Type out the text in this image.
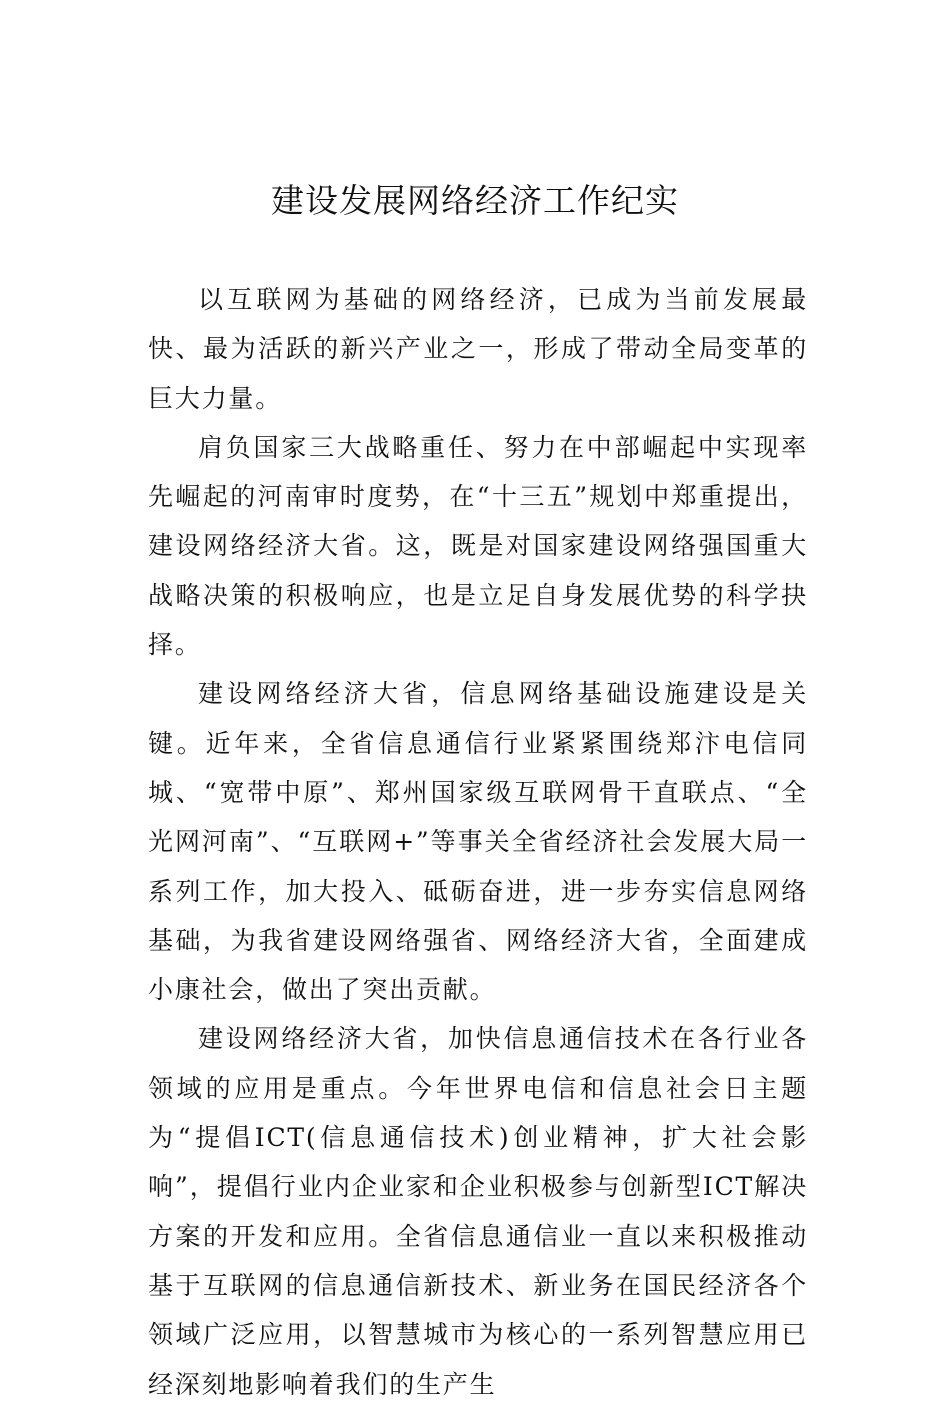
建设发展网络经济工作纪实

以互联网为基础的网络经济，已成为当前发展最快、最为活跃的新兴产业之一，形成了带动全局变革的巨大力量。

肩负国家三大战略重任、努力在中部崛起中实现率先崛起的河南审时度势，在“十三五”规划中郑重提出，建设网络经济大省。这，既是对国家建设网络强国重大战略决策的积极响应，也是立足自身发展优势的科学抉择。

建设网络经济大省，信息网络基础设施建设是关键。近年来，全省信息通信行业紧紧围绕郑汴电信同城、“宽带中原”、郑州国家级互联网骨干直联点、“全光网河南”、“互联网+”等事关全省经济社会发展大局一系列工作，加大投入、砥砺奋进，进一步夯实信息网络基础，为我省建设网络强省、网络经济大省，全面建成小康社会，做出了突出贡献。

建设网络经济大省，加快信息通信技术在各行业各领域的应用是重点。今年世界电信和信息社会日主题为“提倡ICT(信息通信技术)创业精神，扩大社会影响”，提倡行业内企业家和企业积极参与创新型ICT解决方案的开发和应用。全省信息通信业一直以来积极推动基于互联网的信息通信新技术、新业务在国民经济各个领域广泛应用，以智慧城市为核心的一系列智慧应用已经深刻地影响着我们的生产生
